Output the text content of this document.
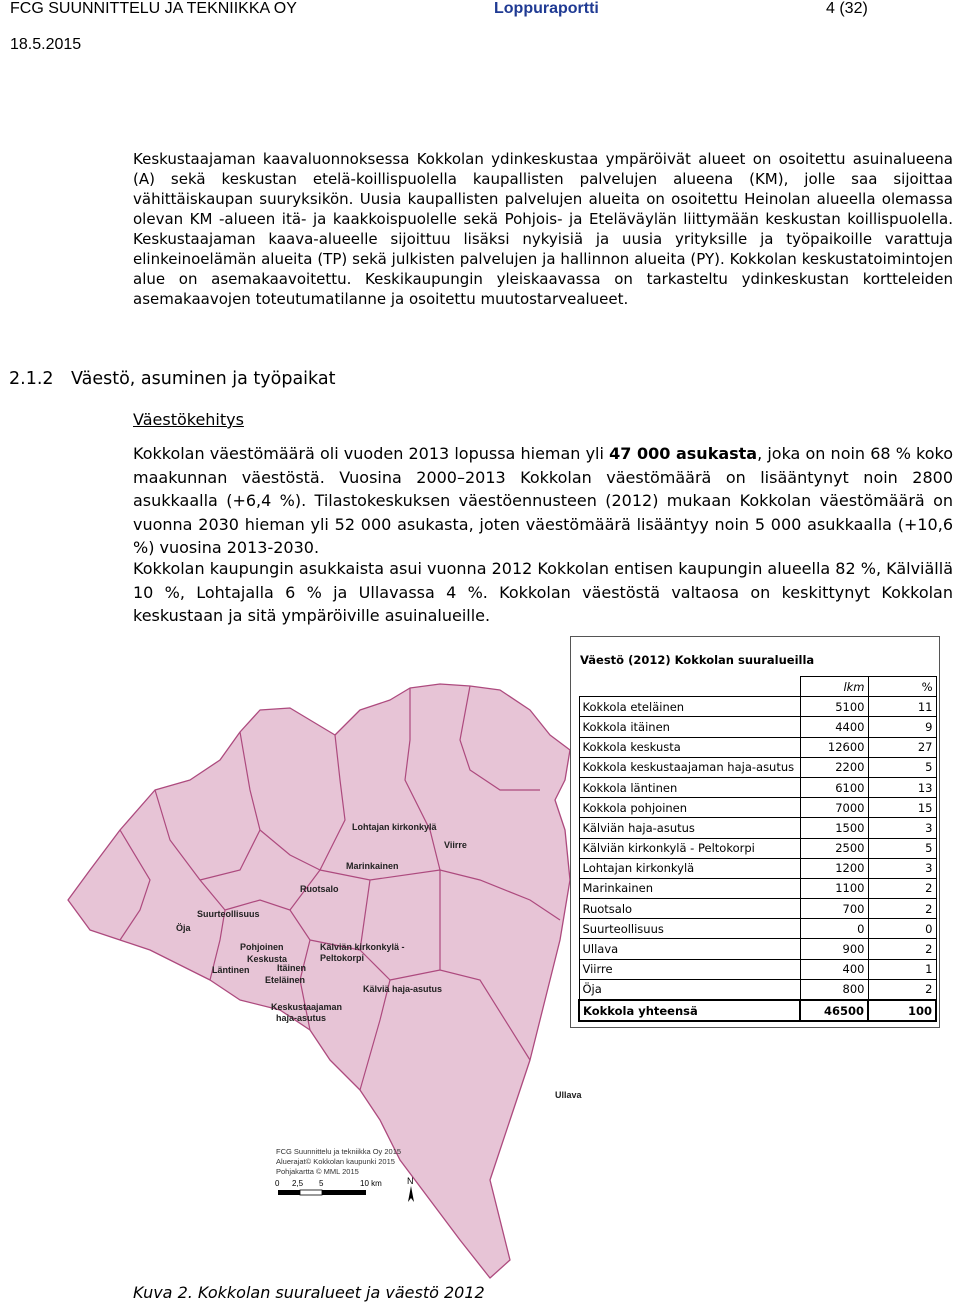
FCG SUUNNITTELU JA TEKNIIKKA OY	Loppuraportti	4 (32)
18.5.2015

Keskustaajaman kaavaluonnoksessa Kokkolan ydinkeskustaa ympäröivät alueet on osoitettu asuinalueena (A) sekä keskustan etelä-koillispuolella kaupallisten palvelujen alueena (KM), jolle saa sijoittaa vähittäiskaupan suuryksikön. Uusia kaupallisten palvelujen alueita on osoitettu Heinolan alueella olemassa olevan KM -alueen itä- ja kaakkoispuolelle sekä Pohjois- ja Eteläväylän liittymään keskustan koillispuolella. Keskustaajaman kaava-alueelle sijoittuu lisäksi nykyisiä ja uusia yrityksille ja työpaikoille varattuja elinkeinoelämän alueita (TP) sekä julkisten palvelujen ja hallinnon alueita (PY). Kokkolan keskustatoimintojen alue on asemakaavoitettu. Keskikaupungin yleiskaavassa on tarkasteltu ydinkeskustan kortteleiden asemakaavojen toteutumatilanne ja osoitettu muutostarvealueet.

2.1.2 Väestö, asuminen ja työpaikat
Väestökehitys

Kokkolan väestömäärä oli vuoden 2013 lopussa hieman yli 47 000 asukasta, joka on noin 68 % koko maakunnan väestöstä. Vuosina 2000–2013 Kokkolan väestömäärä on lisääntynyt noin 2800 asukkaalla (+6,4 %). Tilastokeskuksen väestöennusteen (2012) mukaan Kokkolan väestömäärä on vuonna 2030 hieman yli 52 000 asukasta, joten väestömäärä lisääntyy noin 5 000 asukkaalla (+10,6 %) vuosina 2013-2030.

Kokkolan kaupungin asukkaista asui vuonna 2012 Kokkolan entisen kaupungin alueella 82 %, Kälviällä 10 %, Lohtajalla 6 % ja Ullavassa 4 %. Kokkolan väestöstä valtaosa on keskittynyt Kokkolan keskustaan ja sitä ympäröiville asuinalueille.

Lohtajan kirkonkylä
Viirre
Marinkainen
Ruotsalo
Suurteollisuus
Öja
Pohjoinen	Kälviän kirkonkylä -
Peltokorpi
Keskusta
Läntinen	Itäinen
Eteläinen
Kälviä haja-asutus
Keskustaajaman
haja-asutus
Ullava
FCG Suunnittelu ja tekniikka Oy 2015
Aluerajat© Kokkolan kaupunki 2015
Pohjakartta © MML 2015
0 2,5 5	10 km	N
Väestö (2012) Kokkolan suuralueilla
	lkm	%
Kokkola eteläinen	5100	11
Kokkola itäinen	4400	9
Kokkola keskusta	12600	27
Kokkola keskustaajaman haja-asutus	2200	5
Kokkola läntinen	6100	13
Kokkola pohjoinen	7000	15
Kälviän haja-asutus	1500	3
Kälviän kirkonkylä - Peltokorpi	2500	5
Lohtajan kirkonkylä	1200	3
Marinkainen	1100	2
Ruotsalo	700	2
Suurteollisuus	0	0
Ullava	900	2
Viirre	400	1
Öja	800	2
Kokkola yhteensä	46500	100
Kuva 2. Kokkolan suuralueet ja väestö 2012
